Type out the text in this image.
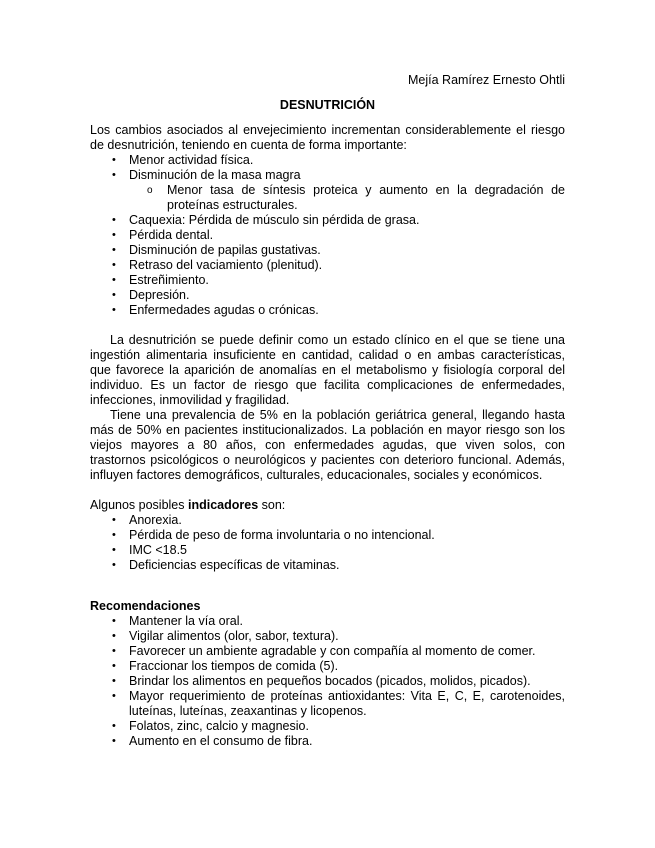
Mejía Ramírez Ernesto Ohtli

DESNUTRICIÓN

Los cambios asociados al envejecimiento incrementan considerablemente el riesgo de desnutrición, teniendo en cuenta de forma importante:

• Menor actividad física.
• Disminución de la masa magra
o Menor tasa de síntesis proteica y aumento en la degradación de proteínas estructurales.
• Caquexia: Pérdida de músculo sin pérdida de grasa.
• Pérdida dental.
• Disminución de papilas gustativas.
• Retraso del vaciamiento (plenitud).
• Estreñimiento.
• Depresión.
• Enfermedades agudas o crónicas.

La desnutrición se puede definir como un estado clínico en el que se tiene una ingestión alimentaria insuficiente en cantidad, calidad o en ambas características, que favorece la aparición de anomalías en el metabolismo y fisiología corporal del individuo. Es un factor de riesgo que facilita complicaciones de enfermedades, infecciones, inmovilidad y fragilidad.

Tiene una prevalencia de 5% en la población geriátrica general, llegando hasta más de 50% en pacientes institucionalizados. La población en mayor riesgo son los viejos mayores a 80 años, con enfermedades agudas, que viven solos, con trastornos psicológicos o neurológicos y pacientes con deterioro funcional. Además, influyen factores demográficos, culturales, educacionales, sociales y económicos.

Algunos posibles indicadores son:

• Anorexia.
• Pérdida de peso de forma involuntaria o no intencional.
• IMC <18.5
• Deficiencias específicas de vitaminas.

Recomendaciones

• Mantener la vía oral.
• Vigilar alimentos (olor, sabor, textura).
• Favorecer un ambiente agradable y con compañía al momento de comer.
• Fraccionar los tiempos de comida (5).
• Brindar los alimentos en pequeños bocados (picados, molidos, picados).
• Mayor requerimiento de proteínas antioxidantes: Vita E, C, E, carotenoides, luteínas, luteínas, zeaxantinas y licopenos.
• Folatos, zinc, calcio y magnesio.
• Aumento en el consumo de fibra.
